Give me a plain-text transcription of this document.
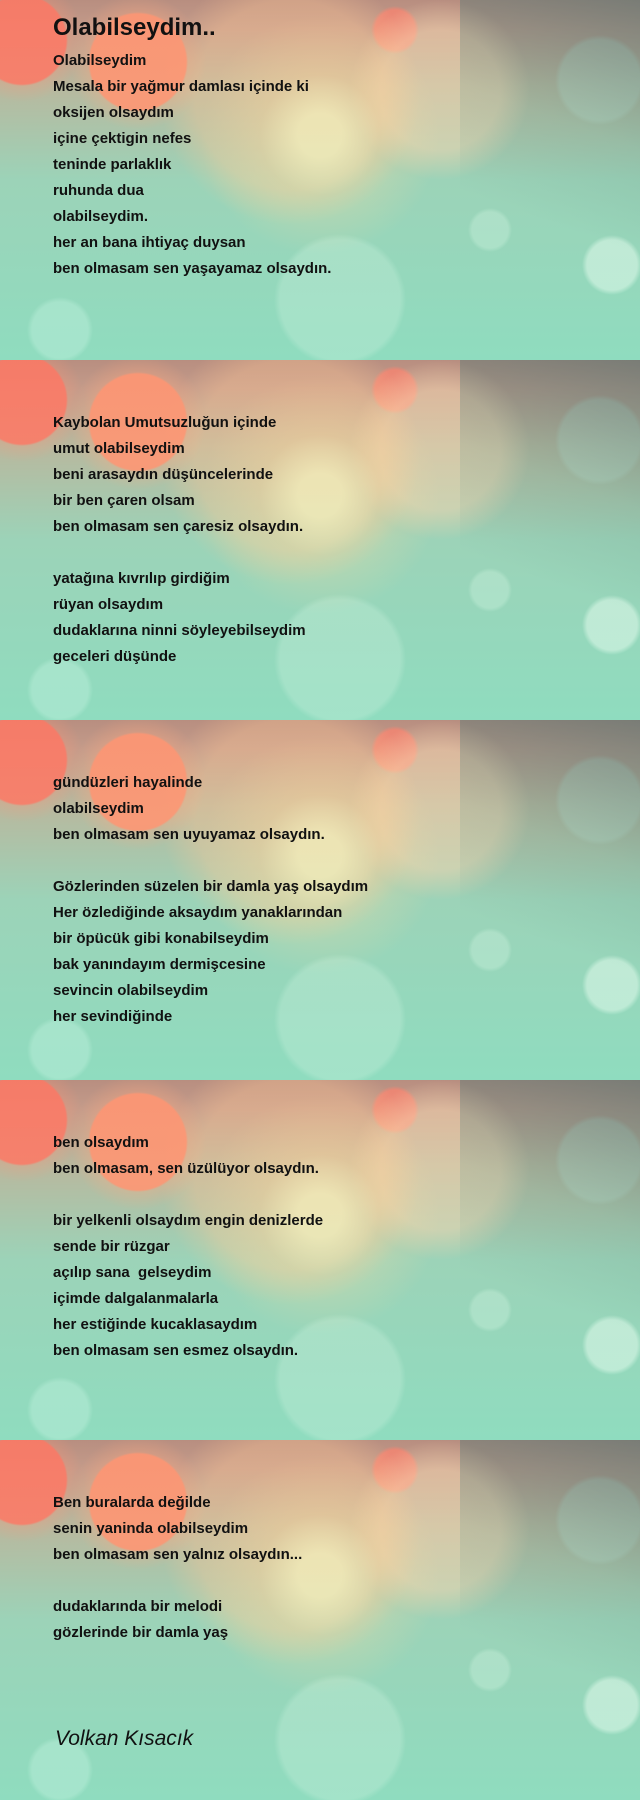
Olabilseydim..
Olabilseydim
Mesala bir yağmur damlası içinde ki
oksijen olsaydım
içine çektigin nefes
teninde parlaklık
ruhunda dua
olabilseydim.
her an bana ihtiyaç duysan
ben olmasam sen yaşayamaz olsaydın.
Kaybolan Umutsuzluğun içinde
umut olabilseydim
beni arasaydın düşüncelerinde
bir ben çaren olsam
ben olmasam sen çaresiz olsaydın.
yatağına kıvrılıp girdiğim
rüyan olsaydım
dudaklarına ninni söyleyebilseydim
geceleri düşünde
gündüzleri hayalinde
olabilseydim
ben olmasam sen uyuyamaz olsaydın.
Gözlerinden süzelen bir damla yaş olsaydım
Her özlediğinde aksaydım yanaklarından
bir öpücük gibi konabilseydim
bak yanındayım dermişcesine
sevincin olabilseydim
her sevindiğinde
ben olsaydım
ben olmasam, sen üzülüyor olsaydın.
bir yelkenli olsaydım engin denizlerde
sende bir rüzgar
açılıp sana  gelseydim
içimde dalgalanmalarla
her estiğinde kucaklasaydım
ben olmasam sen esmez olsaydın.
Ben buralarda değilde
senin yaninda olabilseydim
ben olmasam sen yalnız olsaydın...
dudaklarında bir melodi
gözlerinde bir damla yaş
Volkan Kısacık
